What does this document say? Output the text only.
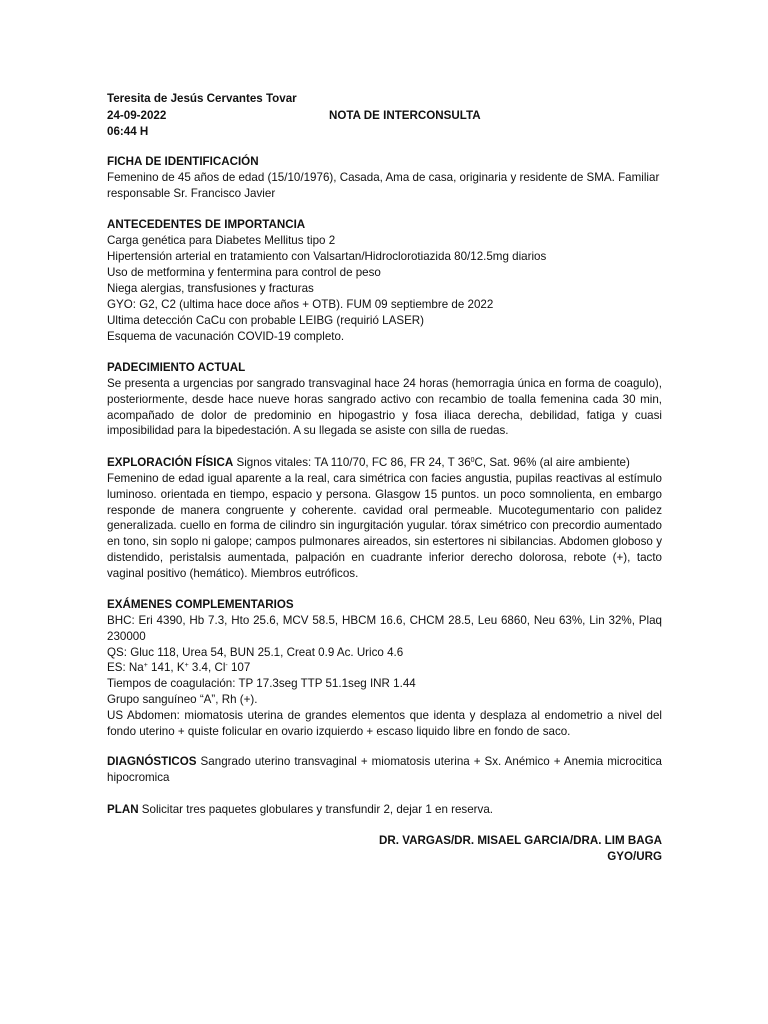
Teresita de Jesús Cervantes Tovar
24-09-2022	NOTA DE INTERCONSULTA
06:44 H
FICHA DE IDENTIFICACIÓN
Femenino de 45 años de edad (15/10/1976), Casada, Ama de casa, originaria y residente de SMA. Familiar
responsable Sr. Francisco Javier
ANTECEDENTES DE IMPORTANCIA
Carga genética para Diabetes Mellitus tipo 2
Hipertensión arterial en tratamiento con Valsartan/Hidroclorotiazida 80/12.5mg diarios
Uso de metformina y fentermina para control de peso
Niega alergias, transfusiones y fracturas
GYO: G2, C2 (ultima hace doce años + OTB). FUM 09 septiembre de 2022
Ultima detección CaCu con probable LEIBG (requirió LASER)
Esquema de vacunación COVID-19 completo.
PADECIMIENTO ACTUAL
Se presenta a urgencias por sangrado transvaginal hace 24 horas (hemorragia única en forma de coagulo),
posteriormente, desde hace nueve horas sangrado activo con recambio de toalla femenina cada 30 min,
acompañado de dolor de predominio en hipogastrio y fosa iliaca derecha, debilidad, fatiga y cuasi
imposibilidad para la bipedestación. A su llegada se asiste con silla de ruedas.
EXPLORACIÓN FÍSICA Signos vitales: TA 110/70, FC 86, FR 24, T $36^0C$, Sat. 96% (al aire ambiente)
Femenino de edad igual aparente a la real, cara simétrica con facies angustia, pupilas reactivas al estímulo
luminoso. orientada en tiempo, espacio y persona. Glasgow 15 puntos. un poco somnolienta, en embargo
responde de manera congruente y coherente. cavidad oral permeable. Mucotegumentario con palidez
generalizada. cuello en forma de cilindro sin ingurgitación yugular. tórax simétrico con precordio aumentado
en tono, sin soplo ni galope; campos pulmonares aireados, sin estertores ni sibilancias. Abdomen globoso y
distendido, peristalsis aumentada, palpación en cuadrante inferior derecho dolorosa, rebote (+), tacto
vaginal positivo (hemático). Miembros eutróficos.
EXÁMENES COMPLEMENTARIOS
BHC: Eri 4390, Hb 7.3, Hto 25.6, MCV 58.5, HBCM 16.6, CHCM 28.5, Leu 6860, Neu 63%, Lin 32%, Plaq
230000
QS: Gluc 118, Urea 54, BUN 25.1, Creat 0.9 Ac. Urico 4.6
ES: Na+ 141, K+ 3.4, Cl- 107
Tiempos de coagulación: TP 17.3seg TTP 51.1seg INR 1.44
Grupo sanguíneo “A”, Rh (+).
US Abdomen: miomatosis uterina de grandes elementos que identa y desplaza al endometrio a nivel del
fondo uterino + quiste folicular en ovario izquierdo + escaso liquido libre en fondo de saco.
DIAGNÓSTICOS Sangrado uterino transvaginal + miomatosis uterina + Sx. Anémico + Anemia microcitica
hipocromica
PLAN Solicitar tres paquetes globulares y transfundir 2, dejar 1 en reserva.
DR. VARGAS/DR. MISAEL GARCIA/DRA. LIM BAGA
GYO/URG
